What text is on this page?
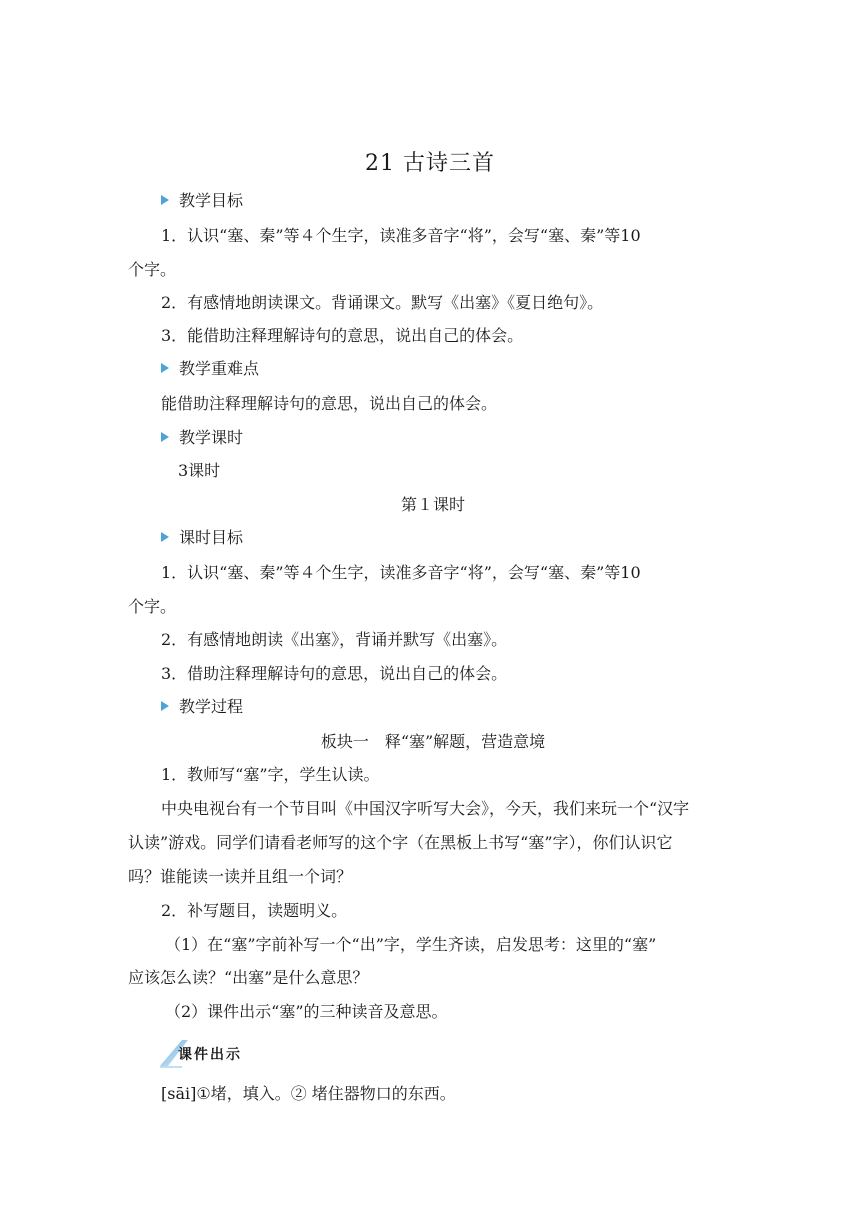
21 古诗三首
教学目标
1．认识“塞、秦”等４个生字，读准多音字“将”，会写“塞、秦”等10
个字。
2．有感情地朗读课文。背诵课文。默写《出塞》《夏日绝句》。
3．能借助注释理解诗句的意思，说出自己的体会。
教学重难点
能借助注释理解诗句的意思，说出自己的体会。
教学课时
3课时
第１课时
课时目标
1．认识“塞、秦”等４个生字，读准多音字“将”，会写“塞、秦”等10
个字。
2．有感情地朗读《出塞》，背诵并默写《出塞》。
3．借助注释理解诗句的意思，说出自己的体会。
教学过程
板块一　释“塞”解题，营造意境
1．教师写“塞”字，学生认读。
中央电视台有一个节目叫《中国汉字听写大会》，今天，我们来玩一个“汉字
认读”游戏。同学们请看老师写的这个字（在黑板上书写“塞”字），你们认识它
吗？谁能读一读并且组一个词？
2．补写题目，读题明义。
（1）在“塞”字前补写一个“出”字，学生齐读，启发思考：这里的“塞”
应该怎么读？“出塞”是什么意思？
（2）课件出示“塞”的三种读音及意思。
课件出示
[sāi]①堵，填入。② 堵住器物口的东西。
